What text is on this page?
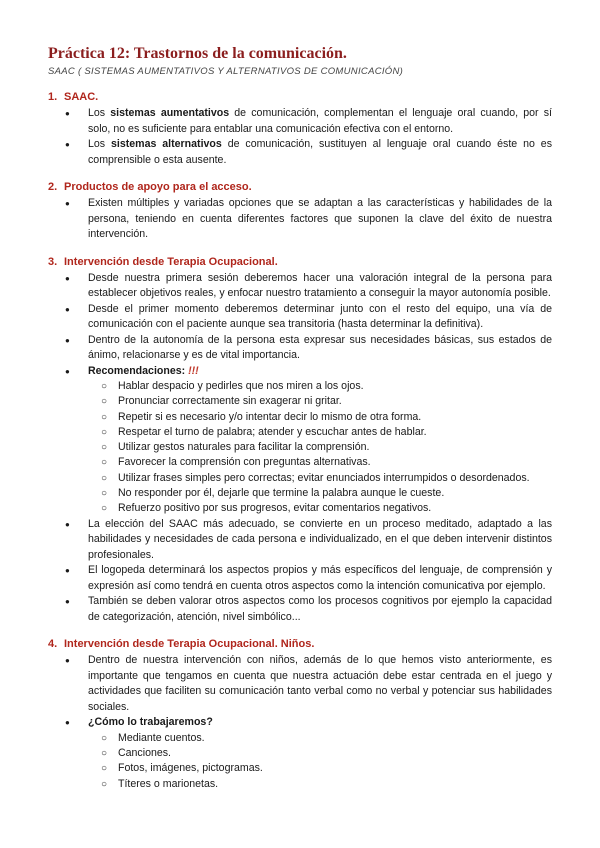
Práctica 12: Trastornos de la comunicación.
SAAC ( SISTEMAS AUMENTATIVOS Y ALTERNATIVOS DE COMUNICACIÓN)
1. SAAC.
● Los sistemas aumentativos de comunicación, complementan el lenguaje oral cuando, por sí solo, no es suficiente para entablar una comunicación efectiva con el entorno.
● Los sistemas alternativos de comunicación, sustituyen al lenguaje oral cuando éste no es comprensible o esta ausente.
2. Productos de apoyo para el acceso.
● Existen múltiples y variadas opciones que se adaptan a las características y habilidades de la persona, teniendo en cuenta diferentes factores que suponen la clave del éxito de nuestra intervención.
3. Intervención desde Terapia Ocupacional.
● Desde nuestra primera sesión deberemos hacer una valoración integral de la persona para establecer objetivos reales, y enfocar nuestro tratamiento a conseguir la mayor autonomía posible.
● Desde el primer momento deberemos determinar junto con el resto del equipo, una vía de comunicación con el paciente aunque sea transitoria (hasta determinar la definitiva).
● Dentro de la autonomía de la persona esta expresar sus necesidades básicas, sus estados de ánimo, relacionarse y es de vital importancia.
● Recomendaciones: !!!
○ Hablar despacio y pedirles que nos miren a los ojos.
○ Pronunciar correctamente sin exagerar ni gritar.
○ Repetir si es necesario y/o intentar decir lo mismo de otra forma.
○ Respetar el turno de palabra; atender y escuchar antes de hablar.
○ Utilizar gestos naturales para facilitar la comprensión.
○ Favorecer la comprensión con preguntas alternativas.
○ Utilizar frases simples pero correctas; evitar enunciados interrumpidos o desordenados.
○ No responder por él, dejarle que termine la palabra aunque le cueste.
○ Refuerzo positivo por sus progresos, evitar comentarios negativos.
● La elección del SAAC más adecuado, se convierte en un proceso meditado, adaptado a las habilidades y necesidades de cada persona e individualizado, en el que deben intervenir distintos profesionales.
● El logopeda determinará los aspectos propios y más específicos del lenguaje, de comprensión y expresión así como tendrá en cuenta otros aspectos como la intención comunicativa por ejemplo.
● También se deben valorar otros aspectos como los procesos cognitivos por ejemplo la capacidad de categorización, atención, nivel simbólico...
4. Intervención desde Terapia Ocupacional. Niños.
● Dentro de nuestra intervención con niños, además de lo que hemos visto anteriormente, es importante que tengamos en cuenta que nuestra actuación debe estar centrada en el juego y actividades que faciliten su comunicación tanto verbal como no verbal y potenciar sus habilidades sociales.
● ¿Cómo lo trabajaremos?
○ Mediante cuentos.
○ Canciones.
○ Fotos, imágenes, pictogramas.
○ Títeres o marionetas.
